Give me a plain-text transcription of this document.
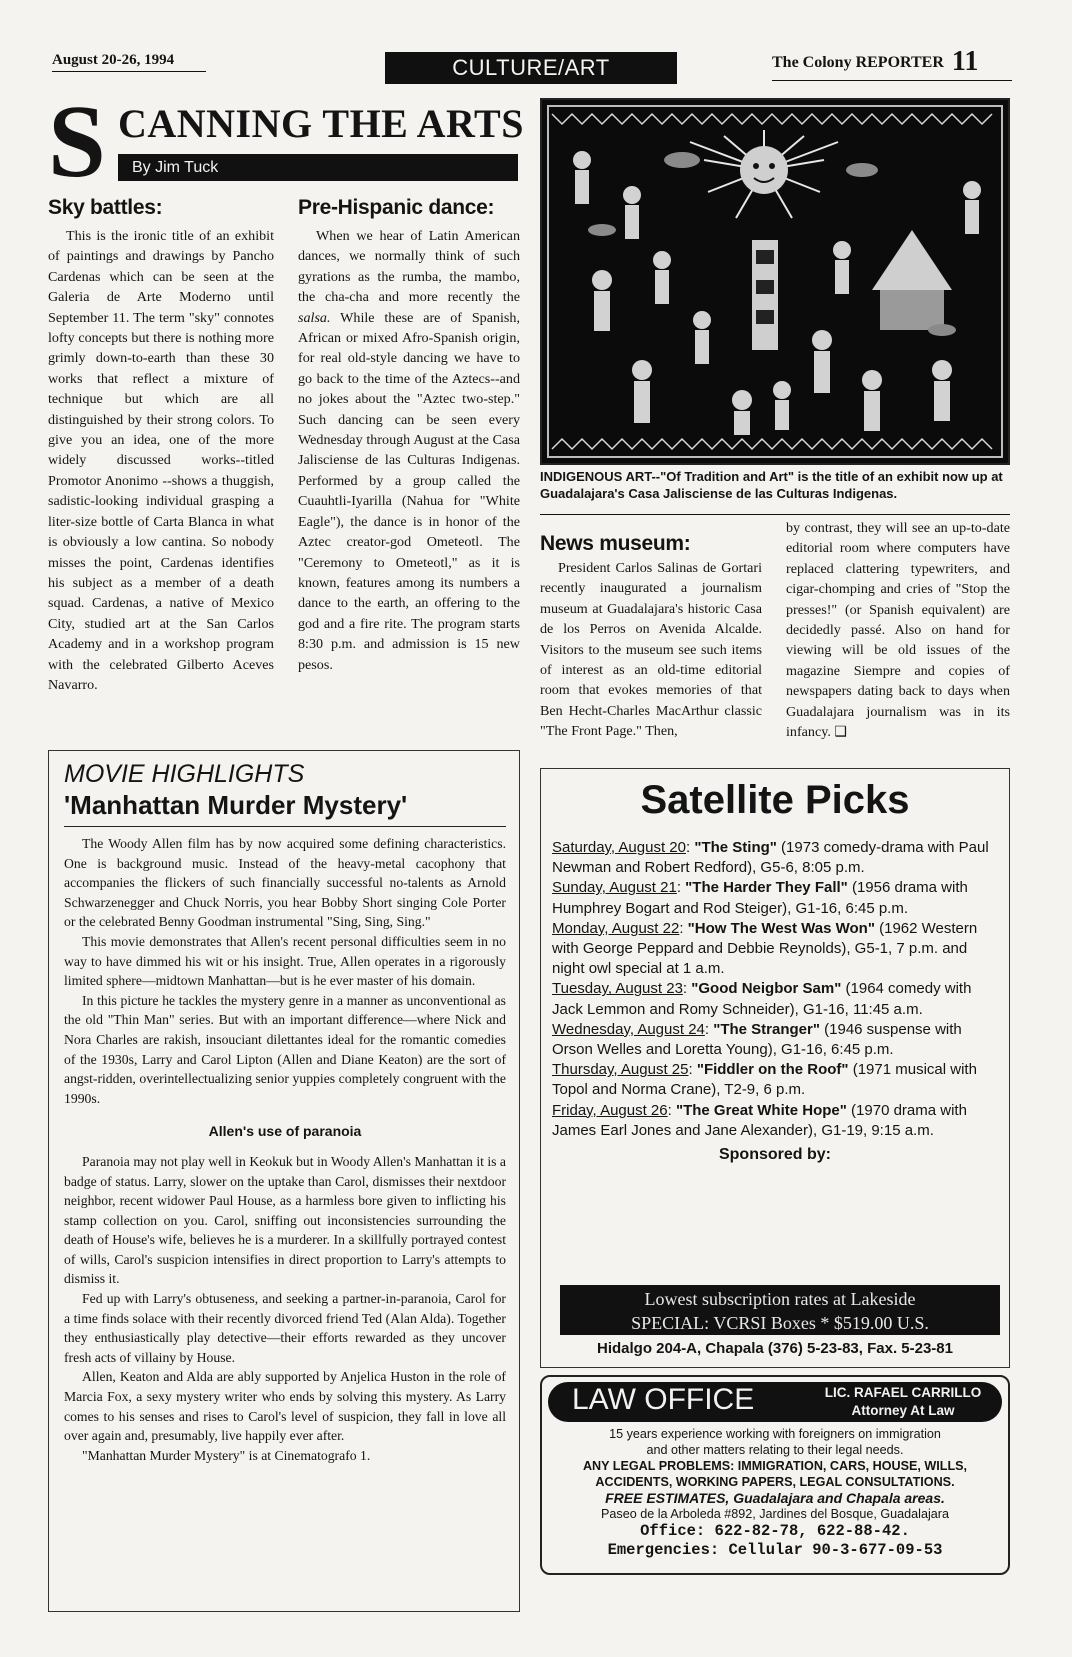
August 20-26, 1994	CULTURE/ART	The Colony REPORTER 11
S CANNING THE ARTS
By Jim Tuck
Sky battles:

This is the ironic title of an exhibit of paintings and drawings by Pancho Cardenas which can be seen at the Galeria de Arte Moderno until September 11. The term "sky" connotes lofty concepts but there is nothing more grimly down-to-earth than these 30 works that reflect a mixture of technique but which are all distinguished by their strong colors. To give you an idea, one of the more widely discussed works--titled Promotor Anonimo --shows a thuggish, sadistic-looking individual grasping a liter-size bottle of Carta Blanca in what is obviously a low cantina. So nobody misses the point, Cardenas identifies his subject as a member of a death squad. Cardenas, a native of Mexico City, studied art at the San Carlos Academy and in a workshop program with the celebrated Gilberto Aceves Navarro.

Pre-Hispanic dance:

When we hear of Latin American dances, we normally think of such gyrations as the rumba, the mambo, the cha-cha and more recently the salsa. While these are of Spanish, African or mixed Afro-Spanish origin, for real old-style dancing we have to go back to the time of the Aztecs--and no jokes about the "Aztec two-step." Such dancing can be seen every Wednesday through August at the Casa Jalisciense de las Culturas Indigenas. Performed by a group called the Cuauhtli-Iyarilla (Nahua for "White Eagle"), the dance is in honor of the Aztec creator-god Ometeotl. The "Ceremony to Ometeotl," as it is known, features among its numbers a dance to the earth, an offering to the god and a fire rite. The program starts 8:30 p.m. and admission is 15 new pesos.

INDIGENOUS ART--"Of Tradition and Art" is the title of an exhibit now up at Guadalajara's Casa Jalisciense de las Culturas Indigenas.
News museum:

President Carlos Salinas de Gortari recently inaugurated a journalism museum at Guadalajara's historic Casa de los Perros on Avenida Alcalde. Visitors to the museum see such items of interest as an old-time editorial room that evokes memories of that Ben Hecht-Charles MacArthur classic "The Front Page." Then,

by contrast, they will see an up-to-date editorial room where computers have replaced clattering typewriters, and cigar-chomping and cries of "Stop the presses!" (or Spanish equivalent) are decidedly passé. Also on hand for viewing will be old issues of the magazine Siempre and copies of newspapers dating back to days when Guadalajara journalism was in its infancy. ❑

MOVIE HIGHLIGHTS
'Manhattan Murder Mystery'

The Woody Allen film has by now acquired some defining characteristics. One is background music. Instead of the heavy-metal cacophony that accompanies the flickers of such financially successful no-talents as Arnold Schwarzenegger and Chuck Norris, you hear Bobby Short singing Cole Porter or the celebrated Benny Goodman instrumental "Sing, Sing, Sing."

This movie demonstrates that Allen's recent personal difficulties seem in no way to have dimmed his wit or his insight. True, Allen operates in a rigorously limited sphere—midtown Manhattan—but is he ever master of his domain.

In this picture he tackles the mystery genre in a manner as unconventional as the old "Thin Man" series. But with an important difference—where Nick and Nora Charles are rakish, insouciant dilettantes ideal for the romantic comedies of the 1930s, Larry and Carol Lipton (Allen and Diane Keaton) are the sort of angst-ridden, overintellectualizing senior yuppies completely congruent with the 1990s.

Allen's use of paranoia

Paranoia may not play well in Keokuk but in Woody Allen's Manhattan it is a badge of status. Larry, slower on the uptake than Carol, dismisses their nextdoor neighbor, recent widower Paul House, as a harmless bore given to inflicting his stamp collection on you. Carol, sniffing out inconsistencies surrounding the death of House's wife, believes he is a murderer. In a skillfully portrayed contest of wills, Carol's suspicion intensifies in direct proportion to Larry's attempts to dismiss it.

Fed up with Larry's obtuseness, and seeking a partner-in-paranoia, Carol for a time finds solace with their recently divorced friend Ted (Alan Alda). Together they enthusiastically play detective—their efforts rewarded as they uncover fresh acts of villainy by House.

Allen, Keaton and Alda are ably supported by Anjelica Huston in the role of Marcia Fox, a sexy mystery writer who ends by solving this mystery. As Larry comes to his senses and rises to Carol's level of suspicion, they fall in love all over again and, presumably, live happily ever after.

"Manhattan Murder Mystery" is at Cinematografo 1.

Satellite Picks
Saturday, August 20: "The Sting" (1973 comedy-drama with Paul Newman and Robert Redford), G5-6, 8:05 p.m.
Sunday, August 21: "The Harder They Fall" (1956 drama with Humphrey Bogart and Rod Steiger), G1-16, 6:45 p.m.
Monday, August 22: "How The West Was Won" (1962 Western with George Peppard and Debbie Reynolds), G5-1, 7 p.m. and night owl special at 1 a.m.
Tuesday, August 23: "Good Neigbor Sam" (1964 comedy with Jack Lemmon and Romy Schneider), G1-16, 11:45 a.m.
Wednesday, August 24: "The Stranger" (1946 suspense with Orson Welles and Loretta Young), G1-16, 6:45 p.m.
Thursday, August 25: "Fiddler on the Roof" (1971 musical with Topol and Norma Crane), T2-9, 6 p.m.
Friday, August 26: "The Great White Hope" (1970 drama with James Earl Jones and Jane Alexander), G1-19, 9:15 a.m.
Sponsored by:
Lowest subscription rates at Lakeside
SPECIAL: VCRSI Boxes * $519.00 U.S.
Hidalgo 204-A, Chapala (376) 5-23-83, Fax. 5-23-81
LAW OFFICE	LIC. RAFAEL CARRILLO
Attorney At Law
15 years experience working with foreigners on immigration
and other matters relating to their legal needs.
ANY LEGAL PROBLEMS: IMMIGRATION, CARS, HOUSE, WILLS,
ACCIDENTS, WORKING PAPERS, LEGAL CONSULTATIONS.
FREE ESTIMATES, Guadalajara and Chapala areas.
Paseo de la Arboleda #892, Jardines del Bosque, Guadalajara
Office: 622-82-78, 622-88-42.
Emergencies: Cellular 90-3-677-09-53
